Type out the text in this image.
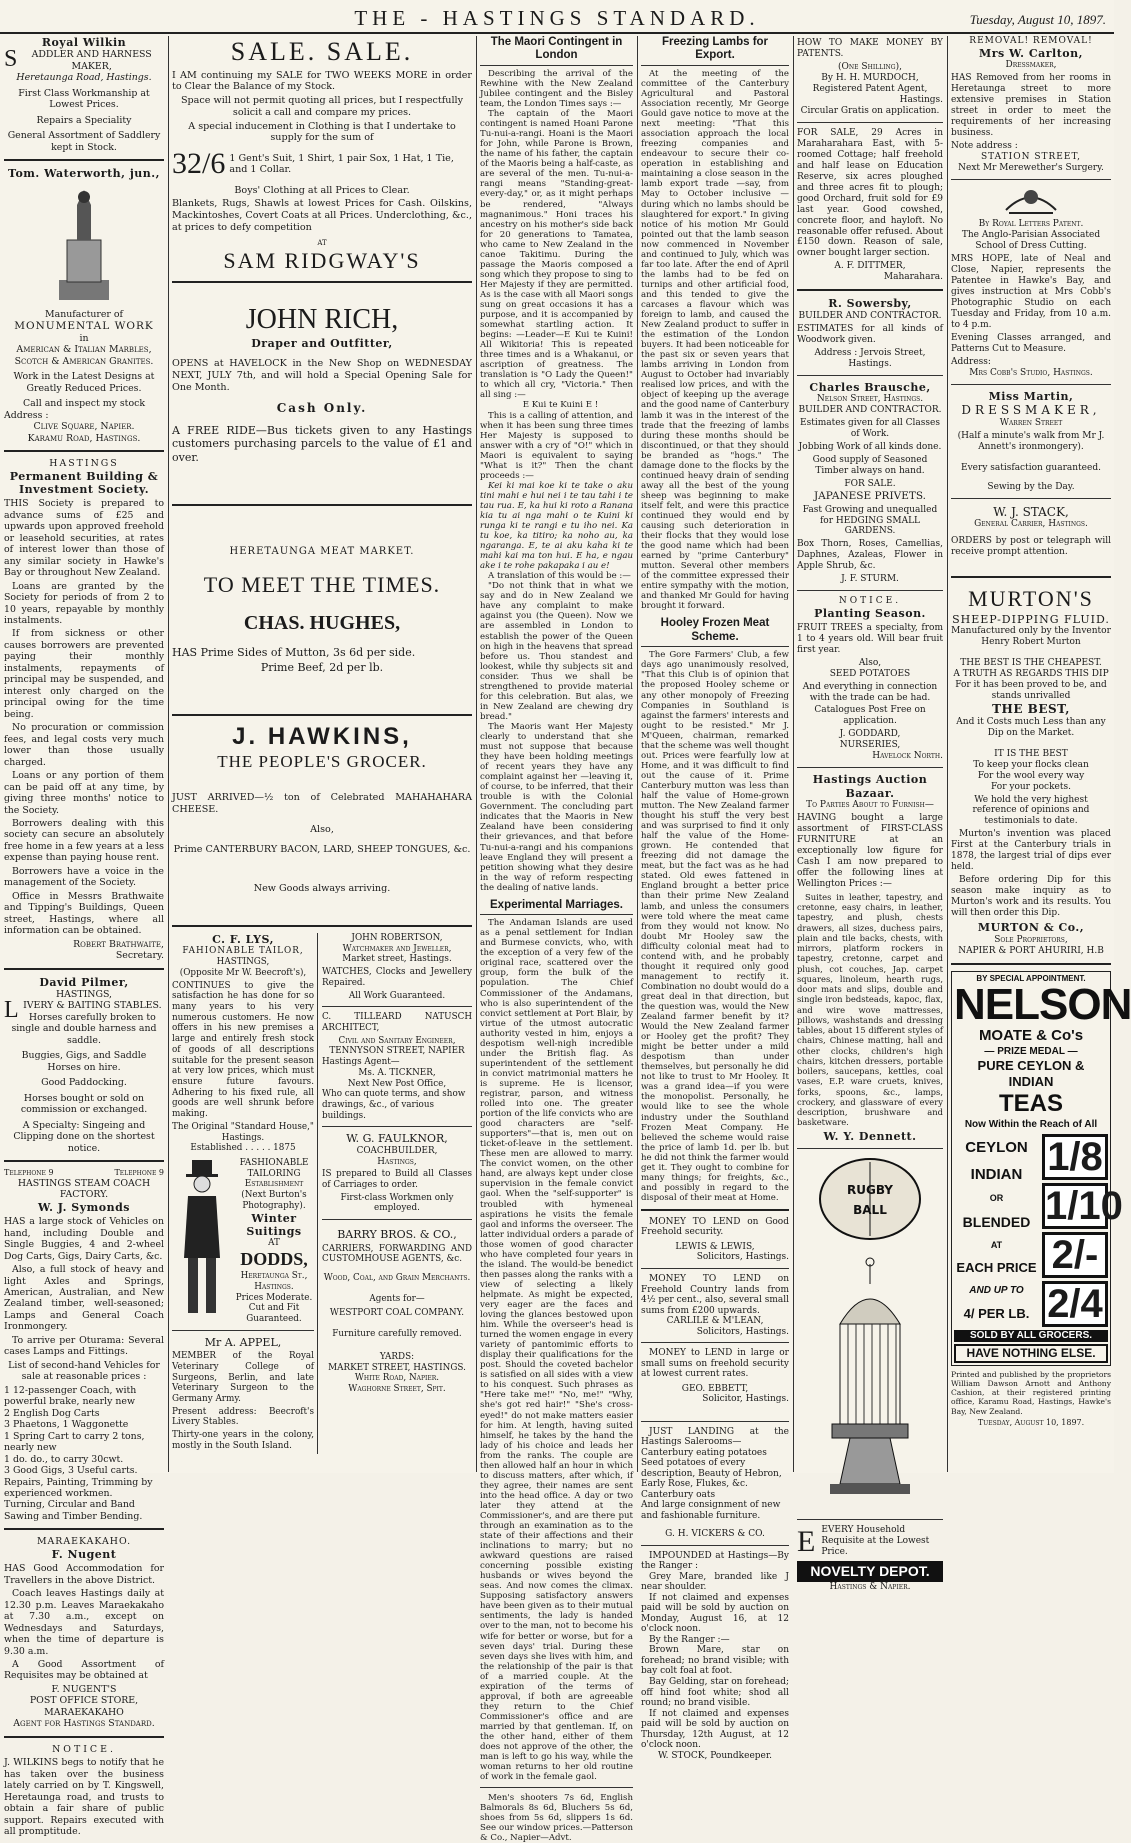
THE - HASTINGS STANDARD.	Tuesday, August 10, 1897.
Royal Wilkin
S	ADDLER AND HARNESS
MAKER,
Heretaunga Road, Hastings.
First Class Workmanship at Lowest Prices.
Repairs a Speciality
General Assortment of Saddlery kept in Stock.
Tom. Waterworth, jun.,
Manufacturer of
MONUMENTAL WORK
in
American & Italian Marbles, Scotch & American Granites.
Work in the Latest Designs at Greatly Reduced Prices.
Call and inspect my stock
Address :
Clive Square, Napier.
Karamu Road, Hastings.
HASTINGS
Permanent Building & Investment Society.

THIS Society is prepared to advance sums of £25 and upwards upon approved freehold or leasehold securities, at rates of interest lower than those of any similar society in Hawke's Bay or throughout New Zealand.

Loans are granted by the Society for periods of from 2 to 10 years, repayable by monthly instalments.

If from sickness or other causes borrowers are prevented paying their monthly instalments, repayments of principal may be suspended, and interest only charged on the principal owing for the time being.

No procuration or commission fees, and legal costs very much lower than those usually charged.

Loans or any portion of them can be paid off at any time, by giving three months' notice to the Society.

Borrowers dealing with this society can secure an absolutely free home in a few years at a less expense than paying house rent.

Borrowers have a voice in the management of the Society.

Office in Messrs Brathwaite and Tipping's Buildings, Queen street, Hastings, where all information can be obtained.

Robert Brathwaite,
Secretary.
David Pilmer,
HASTINGS,
L IVERY & BAITING STABLES.
Horses carefully broken to single and double harness and saddle.
Buggies, Gigs, and Saddle Horses on hire.
Good Paddocking.
Horses bought or sold on commission or exchanged.
A Specialty: Singeing and Clipping done on the shortest notice.
Telephone 9	Telephone 9
HASTINGS STEAM COACH FACTORY.
W. J. Symonds

HAS a large stock of Vehicles on hand, including Double and Single Buggies, 4 and 2-wheel Dog Carts, Gigs, Dairy Carts, &c.

Also, a full stock of heavy and light Axles and Springs, American, Australian, and New Zealand timber, well-seasoned; Lamps and General Coach Ironmongery.

To arrive per Oturama: Several cases Lamps and Fittings.

List of second-hand Vehicles for sale at reasonable prices :

1 12-passenger Coach, with powerful brake, nearly new
2 English Dog Carts
3 Phaetons, 1 Waggonette
1 Spring Cart to carry 2 tons, nearly new
1 do. do., to carry 30cwt.
3 Good Gigs, 3 Useful carts.
Repairs, Painting, Trimming by experienced workmen.
Turning, Circular and Band Sawing and Timber Bending.
MARAEKAKAHO.
F. Nugent

HAS Good Accommodation for Travellers in the above District.

Coach leaves Hastings daily at 12.30 p.m. Leaves Maraekakaho at 7.30 a.m., except on Wednesdays and Saturdays, when the time of departure is 9.30 a.m.

A Good Assortment of Requisites may be obtained at

F. NUGENT'S
POST OFFICE STORE,
MARAEKAKAHO
Agent for Hastings Standard.
NOTICE.

J. WILKINS begs to notify that he has taken over the business lately carried on by T. Kingswell, Heretaunga road, and trusts to obtain a fair share of public support. Repairs executed with all promptitude.

SALE. SALE.

I AM continuing my SALE for TWO WEEKS MORE in order to Clear the Balance of my Stock.

Space will not permit quoting all prices, but I respectfully solicit a call and compare my prices.

A special inducement in Clothing is that I undertake to supply for the sum of

32/6 1 Gent's Suit, 1 Shirt, 1 pair Sox, 1 Hat, 1 Tie, and 1 Collar.

Boys' Clothing at all Prices to Clear.

Blankets, Rugs, Shawls at lowest Prices for Cash. Oilskins, Mackintoshes, Covert Coats at all Prices. Underclothing, &c., at prices to defy competition

AT
SAM RIDGWAY'S
JOHN RICH,
Draper and Outfitter,

OPENS at HAVELOCK in the New Shop on WEDNESDAY NEXT, JULY 7th, and will hold a Special Opening Sale for One Month.

Cash Only.

A FREE RIDE—Bus tickets given to any Hastings customers purchasing parcels to the value of £1 and over.

HERETAUNGA MEAT MARKET.
TO MEET THE TIMES.
CHAS. HUGHES,

HAS Prime Sides of Mutton, 3s 6d per side.

Prime Beef, 2d per lb.

J. HAWKINS,
THE PEOPLE'S GROCER.

JUST ARRIVED—½ ton of Celebrated MAHAHAHARA CHEESE.

Also,
Prime CANTERBURY BACON, LARD, SHEEP TONGUES, &c.
New Goods always arriving.
C. F. LYS,
FAHIONABLE TAILOR,
HASTINGS,
(Opposite Mr W. Beecroft's),

CONTINUES to give the satisfaction he has done for so many years to his very numerous customers. He now offers in his new premises a large and entirely fresh stock of goods of all descriptions suitable for the present season at very low prices, which must ensure future favours. Adhering to his fixed rule, all goods are well shrunk before making.

The Original "Standard House," Hastings.
Established . . . . . 1875
FASHIONABLE
TAILORING
Establishment
(Next Burton's Photography).
Winter Suitings
AT
DODDS,
Heretaunga St., Hastings.
Prices Moderate.
Cut and Fit Guaranteed.
Mr A. APPEL,

MEMBER of the Royal Veterinary College of Surgeons, Berlin, and late Veterinary Surgeon to the Germany Army.

Present address: Beecroft's Livery Stables.

Thirty-one years in the colony, mostly in the South Island.

JOHN ROBERTSON,
Watchmaker and Jeweller,
Market street, Hastings.

WATCHES, Clocks and Jewellery Repaired.

All Work Guaranteed.

C. TILLEARD NATUSCH ARCHITECT,

Civil and Sanitary Engineer,
TENNYSON STREET, NAPIER
Hastings Agent—
Ms. A. TICKNER,
Next New Post Office,
Who can quote terms, and show drawings, &c., of various buildings.
W. G. FAULKNOR,
COACHBUILDER,
Hastings,

IS prepared to Build all Classes of Carriages to order.

First-class Workmen only employed.
BARRY BROS. & CO.,

CARRIERS, FORWARDING AND CUSTOMHOUSE AGENTS, &c.

Wood, Coal, and Grain Merchants.
Agents for—
WESTPORT COAL COMPANY.
Furniture carefully removed.
YARDS:
MARKET STREET, HASTINGS.
White Road, Napier.
Waghorne Street, Spit.
The Maori Contingent in London

Describing the arrival of the Rewhine with the New Zealand Jubilee contingent and the Bisley team, the London Times says :—

The captain of the Maori contingent is named Hoani Parone Tu-nui-a-rangi. Hoani is the Maori for John, while Parone is Brown, the name of his father, the captain of the Maoris being a half-caste, as are several of the men. Tu-nui-a-rangi means "Standing-great-every-day," or, as it might perhaps be rendered, "Always magnanimous." Honi traces his ancestry on his mother's side back for 20 generations to Tamatea, who came to New Zealand in the canoe Takitimu. During the passage the Maoris composed a song which they propose to sing to Her Majesty if they are permitted. As is the case with all Maori songs sung on great occasions it has a purpose, and it is accompanied by somewhat startling action. It begins: —Leader—E Kui te Kuini! All Wikitoria! This is repeated three times and is a Whakanui, or ascription of greatness. The translation is "O Lady the Queen!" to which all cry, "Victoria." Then all sing :—

E Kui te Kuini E !

This is a calling of attention, and when it has been sung three times Her Majesty is supposed to answer with a cry of "O!" which in Maori is equivalent to saying "What is it?" Then the chant proceeds :—

Kei ki mai koe ki te take o aku tini mahi e hui nei i te tau tahi i te tau rua. E, ka hui ki roto a Ranana kia tu ai nga mahi o te Kuini ki runga ki te rangi e tu iho nei. Ka tu koe, ka titiro; ka noho au, ka ngaranga. E, te ai aku kaha ki te mahi kai ma ton hui. E ha, e ngau ake i te rohe pakapaka i au e!

A translation of this would be :—

"Do not think that in what we say and do in New Zealand we have any complaint to make against you (the Queen). Now we are assembled in London to establish the power of the Queen on high in the heavens that spread before us. Thou standest and lookest, while thy subjects sit and consider. Thus we shall be strengthened to provide material for this celebration. But alas, we in New Zealand are chewing dry bread."

The Maoris want Her Majesty clearly to understand that she must not suppose that because they have been holding meetings of recent years they have any complaint against her —leaving it, of course, to be inferred, that their trouble is with the Colonial Government. The concluding part indicates that the Maoris in New Zealand have been considering their grievances, and that before Tu-nui-a-rangi and his companions leave England they will present a petition showing what they desire in the way of reform respecting the dealing of native lands.

Experimental Marriages.

The Andaman Islands are used as a penal settlement for Indian and Burmese convicts, who, with the exception of a very few of the original race, scattered over the group, form the bulk of the population. The Chief Commissioner of the Andamans, who is also superintendent of the convict settlement at Port Blair, by virtue of the utmost autocratic authority vested in him, enjoys a despotism well-nigh incredible under the British flag. As superintendent of the settlement in convict matrimonial matters he is supreme. He is licensor, registrar, parson, and witness rolled into one. The greater portion of the life convicts who are good characters are "self-supporters"—that is, men out on ticket-of-leave in the settlement. These men are allowed to marry. The convict women, on the other hand, are always kept under close supervision in the female convict gaol. When the "self-supporter" is troubled with hymeneal aspirations he visits the female gaol and informs the overseer. The latter individual orders a parade of those women of good character who have completed four years in the island. The would-be benedict then passes along the ranks with a view of selecting a likely helpmate. As might be expected, very eager are the faces and loving the glances bestowed upon him. While the overseer's head is turned the women engage in every variety of pantomimic efforts to display their qualifications for the post. Should the coveted bachelor is satisfied on all sides with a view to his conquest. Such phrases as "Here take me!" "No, me!" "Why, she's got red hair!" "She's cross-eyed!" do not make matters easier for him. At length, having suited himself, he takes by the hand the lady of his choice and leads her from the ranks. The couple are then allowed half an hour in which to discuss matters, after which, if they agree, their names are sent into the head office. A day or two later they attend at the Commissioner's, and are there put through an examination as to the state of their affections and their inclinations to marry; but no awkward questions are raised concerning possible existing husbands or wives beyond the seas. And now comes the climax. Supposing satisfactory answers have been given as to their mutual sentiments, the lady is handed over to the man, not to become his wife for better or worse, but for a seven days' trial. During these seven days she lives with him, and the relationship of the pair is that of a married couple. At the expiration of the terms of approval, if both are agreeable they return to the Chief Commissioner's office and are married by that gentleman. If, on the other hand, either of them does not approve of the other, the man is left to go his way, while the woman returns to her old routine of work in the female gaol.

Men's shooters 7s 6d, English Balmorals 8s 6d, Bluchers 5s 6d, shoes from 5s 6d, slippers 1s 6d. See our window prices.—Patterson & Co., Napier—Advt.

Freezing Lambs for Export.

At the meeting of the committee of the Canterbury Agricultural and Pastoral Association recently, Mr George Gould gave notice to move at the next meeting: "That this association approach the local freezing companies and endeavour to secure their co-operation in establishing and maintaining a close season in the lamb export trade —say, from May to October inclusive —during which no lambs should be slaughtered for export." In giving notice of his motion Mr Gould pointed out that the lamb season now commenced in November and continued to July, which was far too late. After the end of April the lambs had to be fed on turnips and other artificial food, and this tended to give the carcases a flavour which was foreign to lamb, and caused the New Zealand product to suffer in the estimation of the London buyers. It had been noticeable for the past six or seven years that lambs arriving in London from August to October had invariably realised low prices, and with the object of keeping up the average and the good name of Canterbury lamb it was in the interest of the trade that the freezing of lambs during these months should be discontinued, or that they should be branded as "hogs." The damage done to the flocks by the continued heavy drain of sending away all the best of the young sheep was beginning to make itself felt, and were this practice continued they would end by causing such deterioration in their flocks that they would lose the good name which had been earned by "prime Canterbury" mutton. Several other members of the committee expressed their entire sympathy with the motion, and thanked Mr Gould for having brought it forward.

Hooley Frozen Meat Scheme.

The Gore Farmers' Club, a few days ago unanimously resolved, "That this Club is of opinion that the proposed Hooley scheme or any other monopoly of Freezing Companies in Southland is against the farmers' interests and ought to be resisted." Mr J. M'Queen, chairman, remarked that the scheme was well thought out. Prices were fearfully low at Home, and it was difficult to find out the cause of it. Prime Canterbury mutton was less than half the value of Home-grown mutton. The New Zealand farmer thought his stuff the very best and was surprised to find it only half the value of the Home-grown. He contended that freezing did not damage the meat, but the fact was as he had stated. Old ewes fattened in England brought a better price than their prime New Zealand lamb, and unless the consumers were told where the meat came from they would not know. No doubt Mr Hooley saw the difficulty colonial meat had to contend with, and he probably thought it required only good management to rectify it. Combination no doubt would do a great deal in that direction, but the question was, would the New Zealand farmer benefit by it? Would the New Zealand farmer or Hooley get the profit? They might be better under a mild despotism than under themselves, but personally he did not like to trust to Mr Hooley. It was a grand idea—if you were the monopolist. Personally, he would like to see the whole industry under the Southland Frozen Meat Company. He believed the scheme would raise the price of lamb 1d. per lb. but he did not think the farmer would get it. They ought to combine for many things; for freights, &c., and possibly in regard to the disposal of their meat at Home.

MONEY TO LEND on Good Freehold security.

LEWIS & LEWIS,
Solicitors, Hastings.

MONEY TO LEND on Freehold Country lands from 4½ per cent., also, several small sums from £200 upwards.

CARLILE & M'LEAN,
Solicitors, Hastings.

MONEY to LEND in large or small sums on freehold security at lowest current rates.

GEO. EBBETT,
Solicitor, Hastings.

JUST LANDING at the Hastings Salerooms—

Canterbury eating potatoes
Seed potatoes of every description, Beauty of Hebron, Early Rose, Flukes, &c.
Canterbury oats
And large consignment of new and fashionable furniture.
G. H. VICKERS & CO.

IMPOUNDED at Hastings—By the Ranger :

Grey Mare, branded like J near shoulder.

If not claimed and expenses paid will be sold by auction on Monday, August 16, at 12 o'clock noon.

By the Ranger :—

Brown Mare, star on forehead; no brand visible; with bay colt foal at foot.

Bay Gelding, star on forehead; off hind foot white; shod all round; no brand visible.

If not claimed and expenses paid will be sold by auction on Thursday, 12th August, at 12 o'clock noon.

W. STOCK, Poundkeeper.

HOW TO MAKE MONEY BY PATENTS.

(One Shilling),
By H. H. MURDOCH,
Registered Patent Agent,
Hastings.
Circular Gratis on application.

FOR SALE, 29 Acres in Maraharahara East, with 5-roomed Cottage; half freehold and half lease on Education Reserve, six acres ploughed and three acres fit to plough; good Orchard, fruit sold for £9 last year. Good cowshed, concrete floor, and hayloft. No reasonable offer refused. About £150 down. Reason of sale, owner bought larger section.

A. F. DITTMER,
Maharahara.
R. Sowersby,
BUILDER AND CONTRACTOR.

ESTIMATES for all kinds of Woodwork given.

Address : Jervois Street, Hastings.
Charles Brausche,
Nelson Street, Hastings.
BUILDER AND CONTRACTOR.

Estimates given for all Classes of Work.

Jobbing Work of all kinds done.

Good supply of Seasoned Timber always on hand.

FOR SALE.
JAPANESE PRIVETS.

Fast Growing and unequalled for HEDGING SMALL GARDENS.

Box Thorn, Roses, Camellias, Daphnes, Azaleas, Flower in Apple Shrub, &c.

J. F. STURM.
NOTICE.
Planting Season.

FRUIT TREES a specialty, from 1 to 4 years old. Will bear fruit first year.

Also,
SEED POTATOES

And everything in connection with the trade can be had.

Catalogues Post Free on application.

J. GODDARD,
NURSERIES,
Havelock North.
Hastings Auction Bazaar.
To Parties About to Furnish—

HAVING bought a large assortment of FIRST-CLASS FURNITURE at an exceptionally low figure for Cash I am now prepared to offer the following lines at Wellington Prices :—

Suites in leather, tapestry, and cretonne, easy chairs, in leather, tapestry, and plush, chests drawers, all sizes, duchess pairs, plain and tile backs, chests, with mirrors, platform rockers in tapestry, cretonne, carpet and plush, cot couches, Jap. carpet squares, linoleum, hearth rugs, door mats and slips, double and single iron bedsteads, kapoc, flax, and wire wove mattresses, pillows, washstands and dressing tables, about 15 different styles of chairs, Chinese matting, hall and other clocks, children's high chairs, kitchen dressers, portable boilers, saucepans, kettles, coal vases, E.P. ware cruets, knives, forks, spoons, &c., lamps, crockery, and glassware of every description, brushware and basketware.

W. Y. Dennett.
RUGBY
BALL
E EVERY Household Requisite at the Lowest Price.
NOVELTY DEPOT.
Hastings & Napier.
REMOVAL! REMOVAL!
Mrs W. Carlton,
Dressmaker,

HAS Removed from her rooms in Heretaunga street to more extensive premises in Station street in order to meet the requirements of her increasing business.

Note address :
STATION STREET,
Next Mr Merewether's Surgery.
By Royal Letters Patent.
The Anglo-Parisian Associated School of Dress Cutting.

MRS HOPE, late of Neal and Close, Napier, represents the Patentee in Hawke's Bay, and gives instruction at Mrs Cobb's Photographic Studio on each Tuesday and Friday, from 10 a.m. to 4 p.m.

Evening Classes arranged, and Patterns Cut to Measure.

Address:
Mrs Cobb's Studio, Hastings.
Miss Martin,
DRESSMAKER,
Warren Street

(Half a minute's walk from Mr J. Annett's ironmongery).

Every satisfaction guaranteed.
Sewing by the Day.
W. J. STACK,
General Carrier, Hastings.

ORDERS by post or telegraph will receive prompt attention.

MURTON'S
SHEEP-DIPPING FLUID.
Manufactured only by the Inventor Henry Robert Murton
THE BEST IS THE CHEAPEST.
A TRUTH AS REGARDS THIS DIP
For it has been proved to be, and stands unrivalled
THE BEST,
And it Costs much Less than any Dip on the Market.
IT IS THE BEST
To keep your flocks clean
For the wool every way
For your pockets.

We hold the very highest reference of opinions and testimonials to date.

Murton's invention was placed First at the Canterbury trials in 1878, the largest trial of dips ever held.

Before ordering Dip for this season make inquiry as to Murton's work and its results. You will then order this Dip.

MURTON & Co.,
Sole Proprietors,
NAPIER & PORT AHURIRI, H.B
BY SPECIAL APPOINTMENT.
NELSON
MOATE & Co's
— PRIZE MEDAL —
PURE CEYLON & INDIAN
TEAS
Now Within the Reach of All
CEYLON
INDIAN
OR
BLENDED
AT
EACH PRICE
AND UP TO
4/ PER LB.
1/8
1/10
2/-
2/4
SOLD BY ALL GROCERS.
HAVE NOTHING ELSE.

Printed and published by the proprietors William Dawson Arnott and Anthony Cashion, at their registered printing office, Karamu Road, Hastings, Hawke's Bay, New Zealand.

Tuesday, August 10, 1897.
